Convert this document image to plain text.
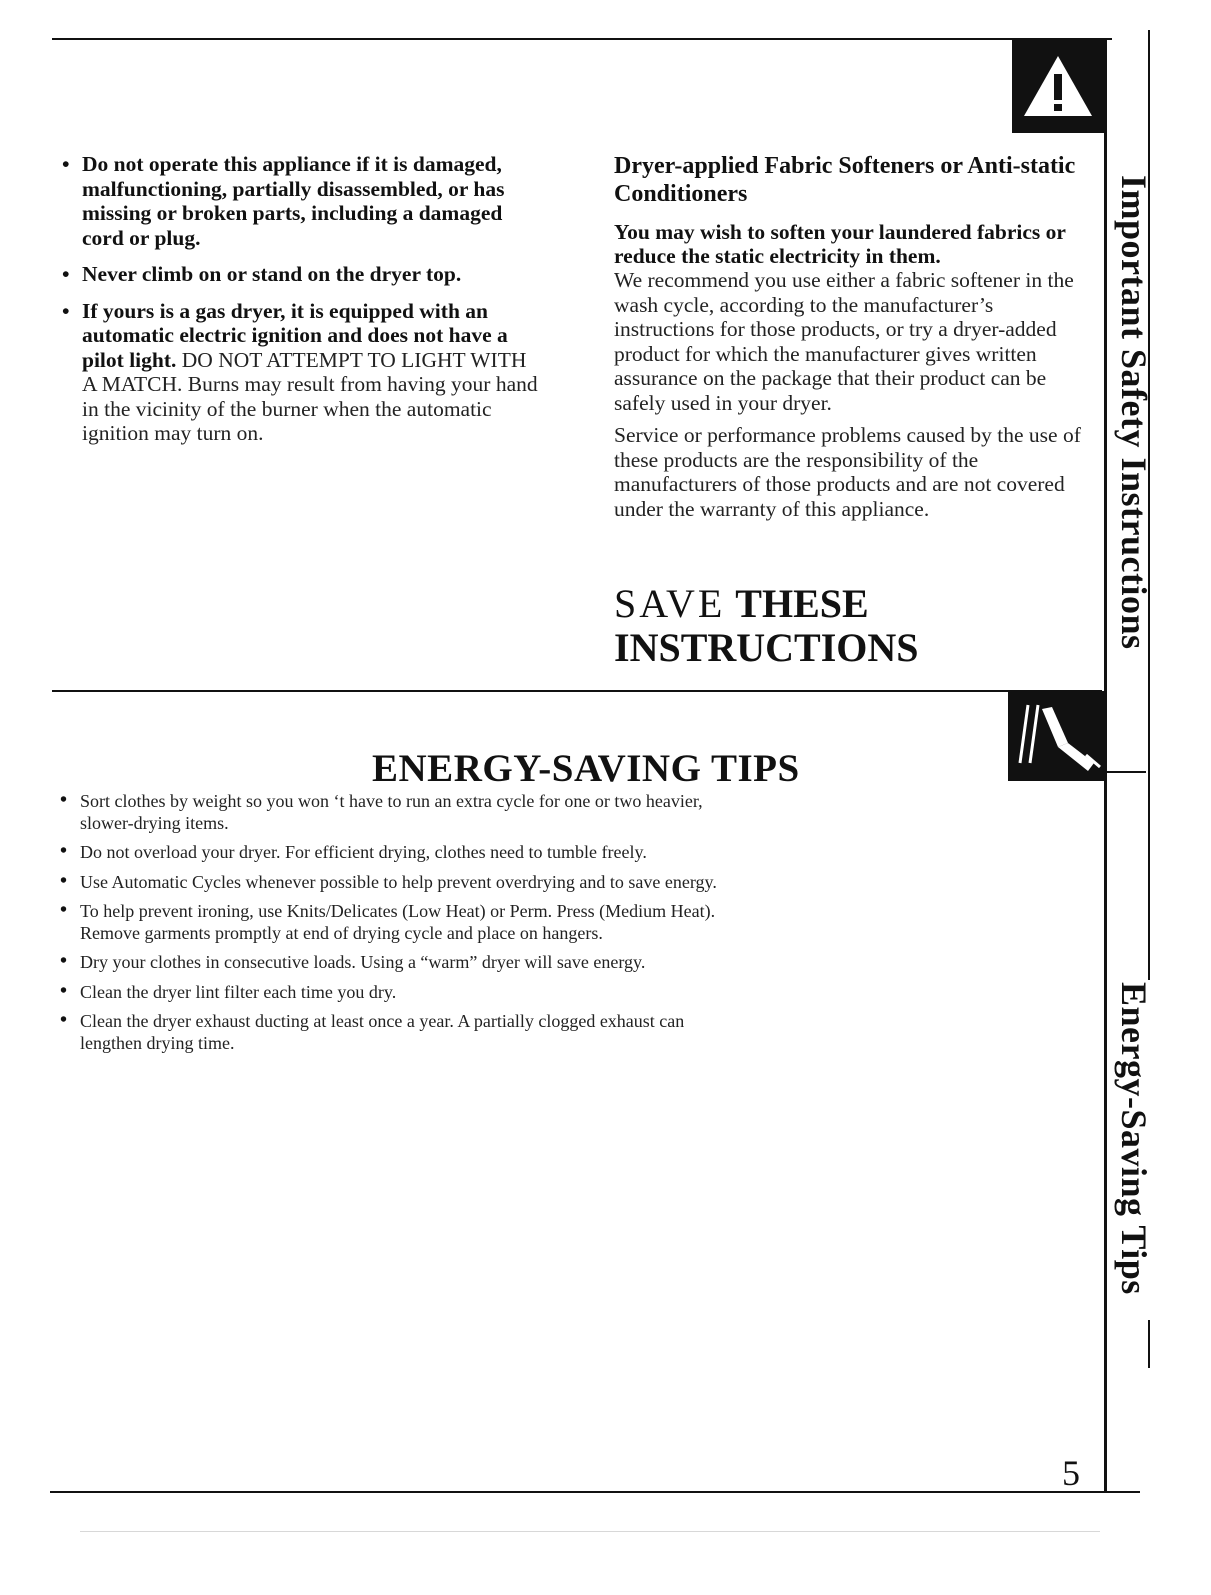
Important Safety Instructions
Energy-Saving Tips

• Do not operate this appliance if it is damaged, malfunctioning, partially disassembled, or has missing or broken parts, including a damaged cord or plug.

• Never climb on or stand on the dryer top.

• If yours is a gas dryer, it is equipped with an automatic electric ignition and does not have a pilot light. DO NOT ATTEMPT TO LIGHT WITH A MATCH. Burns may result from having your hand in the vicinity of the burner when the automatic ignition may turn on.

Dryer-applied Fabric Softeners or Anti-static Conditioners

You may wish to soften your laundered fabrics or reduce the static electricity in them.

We recommend you use either a fabric softener in the wash cycle, according to the manufacturer’s instructions for those products, or try a dryer-added product for which the manufacturer gives written assurance on the package that their product can be safely used in your dryer.

Service or performance problems caused by the use of these products are the responsibility of the manufacturers of those products and are not covered under the warranty of this appliance.

SAVE THESE
INSTRUCTIONS
ENERGY-SAVING TIPS

• Sort clothes by weight so you won ‘t have to run an extra cycle for one or two heavier, slower-drying items.

• Do not overload your dryer. For efficient drying, clothes need to tumble freely.

• Use Automatic Cycles whenever possible to help prevent overdrying and to save energy.

• To help prevent ironing, use Knits/Delicates (Low Heat) or Perm. Press (Medium Heat). Remove garments promptly at end of drying cycle and place on hangers.

• Dry your clothes in consecutive loads. Using a “warm” dryer will save energy.

• Clean the dryer lint filter each time you dry.

• Clean the dryer exhaust ducting at least once a year. A partially clogged exhaust can lengthen drying time.

5
